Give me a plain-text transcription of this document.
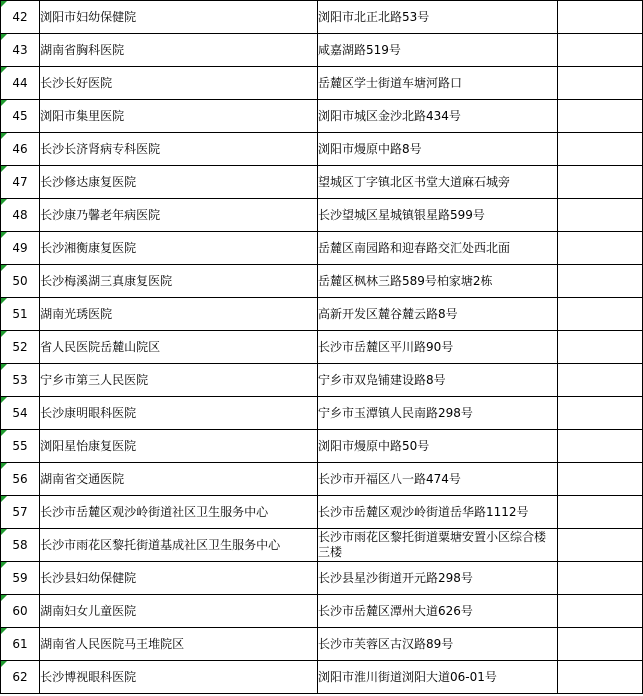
42	浏阳市妇幼保健院	浏阳市北正北路53号	
43	湖南省胸科医院	咸嘉湖路519号	
44	长沙长好医院	岳麓区学士街道车塘河路口	
45	浏阳市集里医院	浏阳市城区金沙北路434号	
46	长沙长济肾病专科医院	浏阳市熳原中路8号	
47	长沙修达康复医院	望城区丁字镇北区书堂大道麻石城旁	
48	长沙康乃馨老年病医院	长沙望城区星城镇银星路599号	
49	长沙湘衡康复医院	岳麓区南园路和迎春路交汇处西北面	
50	长沙梅溪湖三真康复医院	岳麓区枫林三路589号柏家塘2栋	
51	湖南光琇医院	高新开发区麓谷麓云路8号	
52	省人民医院岳麓山院区	长沙市岳麓区平川路90号	
53	宁乡市第三人民医院	宁乡市双凫铺建设路8号	
54	长沙康明眼科医院	宁乡市玉潭镇人民南路298号	
55	浏阳星怡康复医院	浏阳市熳原中路50号	
56	湖南省交通医院	长沙市开福区八一路474号	
57	长沙市岳麓区观沙岭街道社区卫生服务中心	长沙市岳麓区观沙岭街道岳华路1112号	
58	长沙市雨花区黎托街道基成社区卫生服务中心	长沙市雨花区黎托街道粟塘安置小区综合楼三楼	
59	长沙县妇幼保健院	长沙县星沙街道开元路298号	
60	湖南妇女儿童医院	长沙市岳麓区潭州大道626号	
61	湖南省人民医院马王堆院区	长沙市芙蓉区古汉路89号	
62	长沙博视眼科医院	浏阳市淮川街道浏阳大道06-01号	
